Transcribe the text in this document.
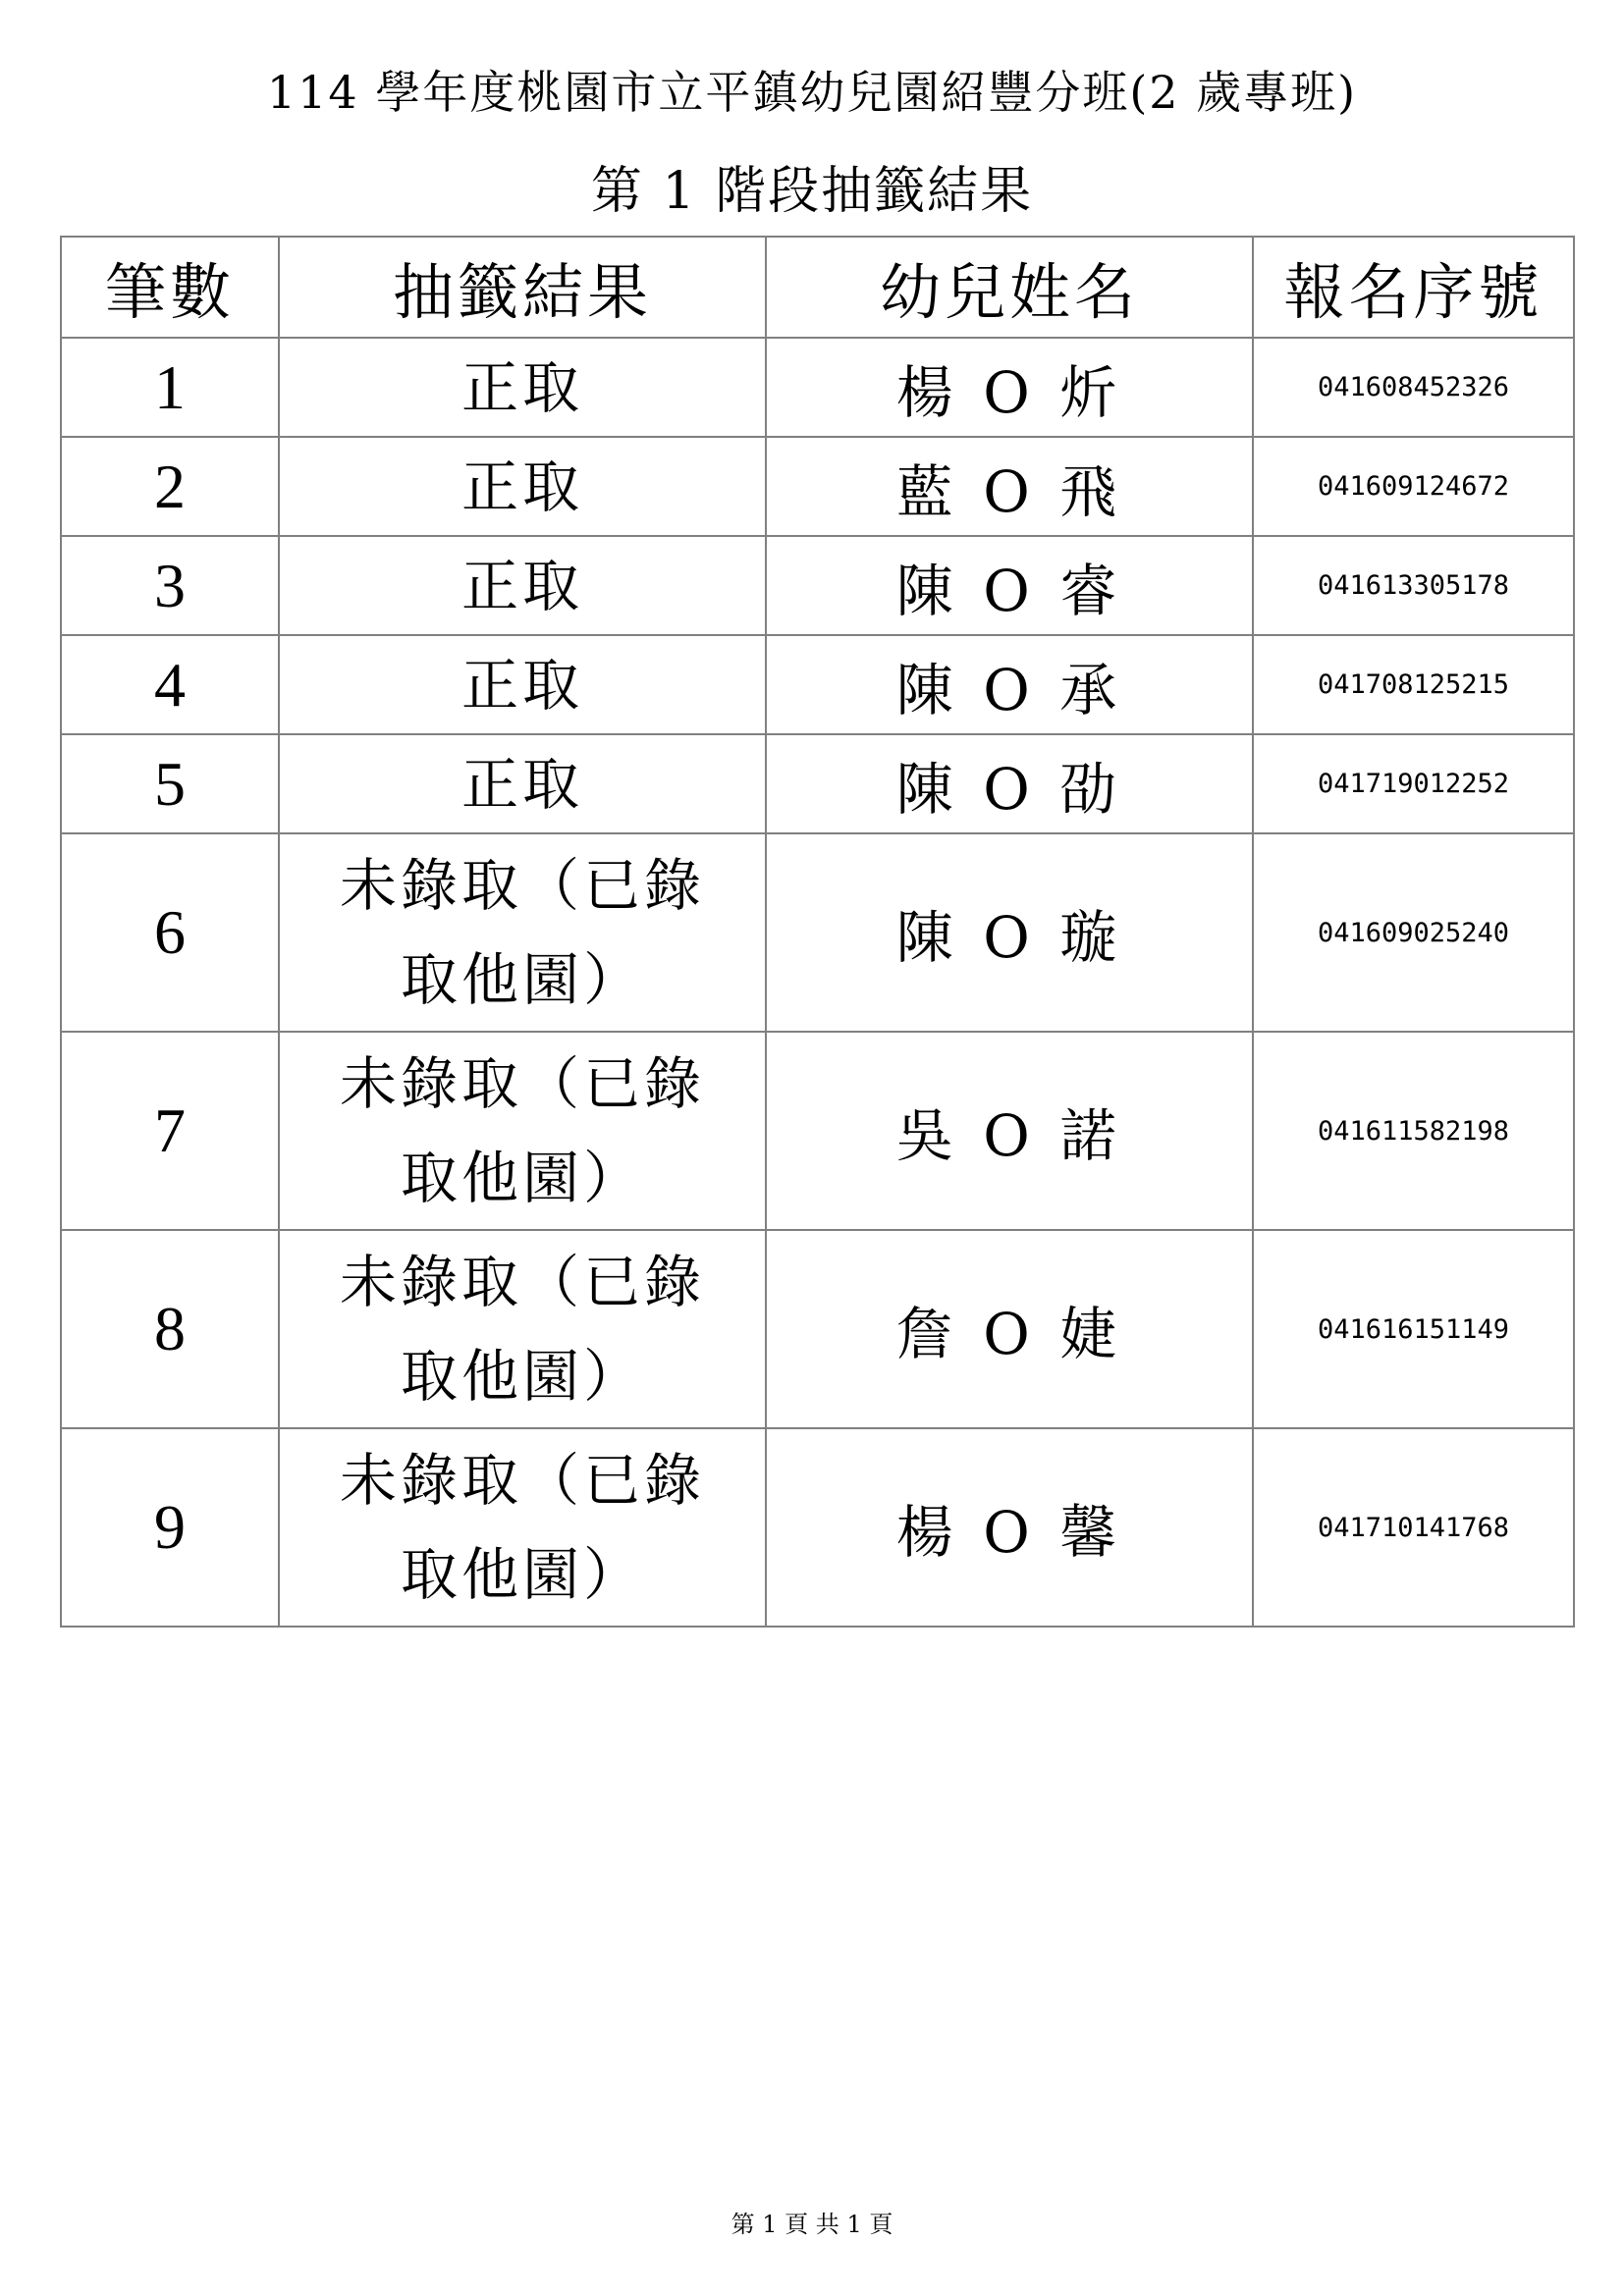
114 學年度桃園市立平鎮幼兒園紹豐分班(2 歲專班)
第 1 階段抽籤結果
筆數	抽籤結果	幼兒姓名	報名序號
1	正取	楊 O 炘	041608452326
2	正取	藍 O 飛	041609124672
3	正取	陳 O 睿	041613305178
4	正取	陳 O 承	041708125215
5	正取	陳 O 劭	041719012252
6	未錄取（已錄取他園）	陳 O 璇	041609025240
7	未錄取（已錄取他園）	吳 O 諾	041611582198
8	未錄取（已錄取他園）	詹 O 婕	041616151149
9	未錄取（已錄取他園）	楊 O 馨	041710141768
第 1 頁 共 1 頁
